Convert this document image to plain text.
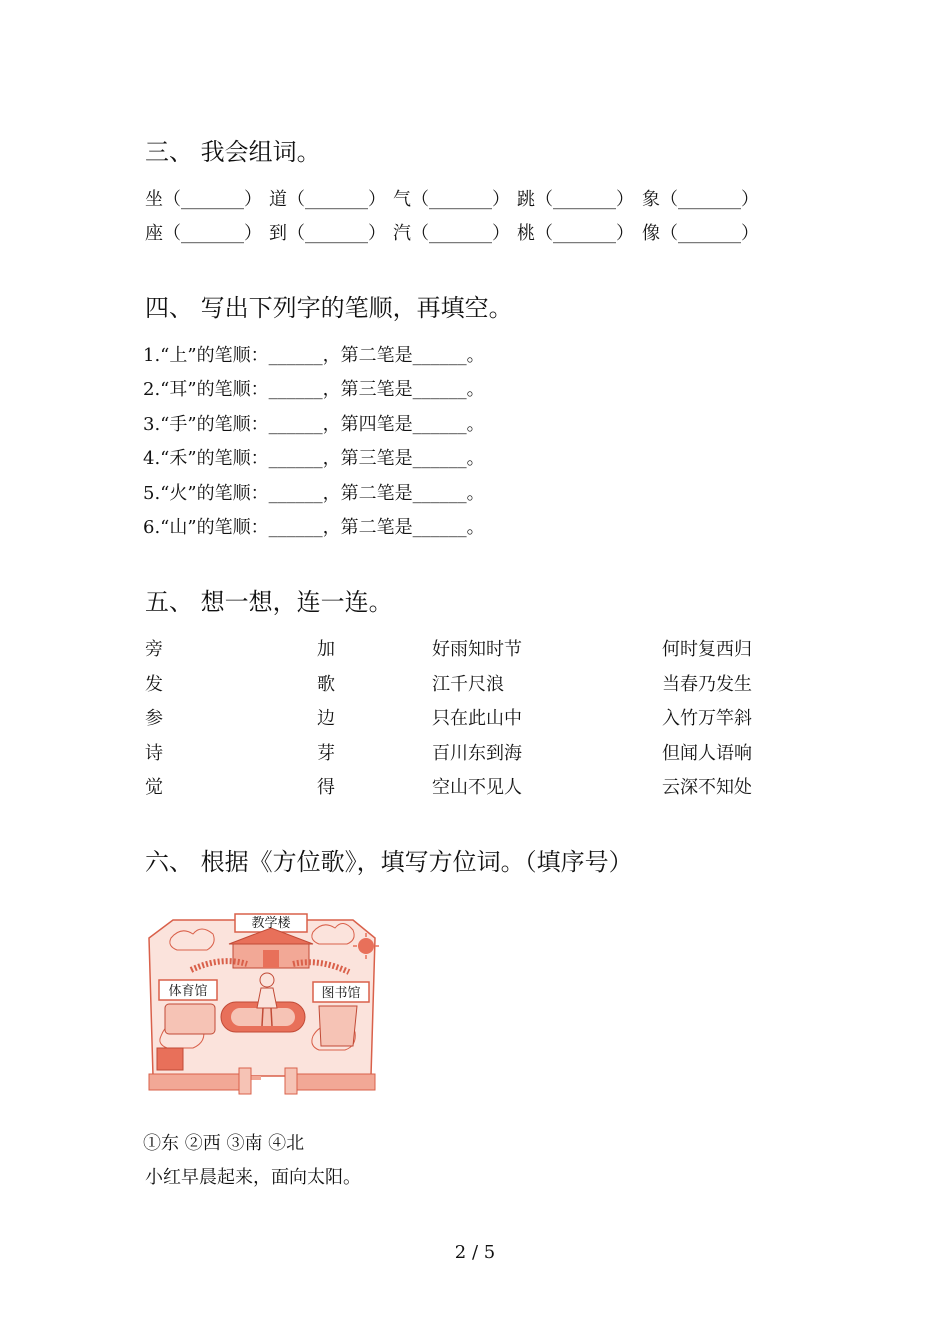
三、 我会组词。
坐（_______） 道（_______） 气（_______） 跳（_______） 象（_______）
座（_______） 到（_______） 汽（_______） 桃（_______） 像（_______）
四、 写出下列字的笔顺，再填空。
1.“上”的笔顺：______，第二笔是______。
2.“耳”的笔顺：______，第三笔是______。
3.“手”的笔顺：______，第四笔是______。
4.“禾”的笔顺：______，第三笔是______。
5.“火”的笔顺：______，第二笔是______。
6.“山”的笔顺：______，第二笔是______。
五、 想一想，连一连。
旁
发
参
诗
觉
加
歌
边
芽
得
好雨知时节
江千尺浪
只在此山中
百川东到海
空山不见人
何时复西归
当春乃发生
入竹万竿斜
但闻人语响
云深不知处
六、 根据《方位歌》，填写方位词。（填序号）
教学楼
体育馆	图书馆
①东 ②西 ③南 ④北
小红早晨起来，面向太阳。
2 / 5
